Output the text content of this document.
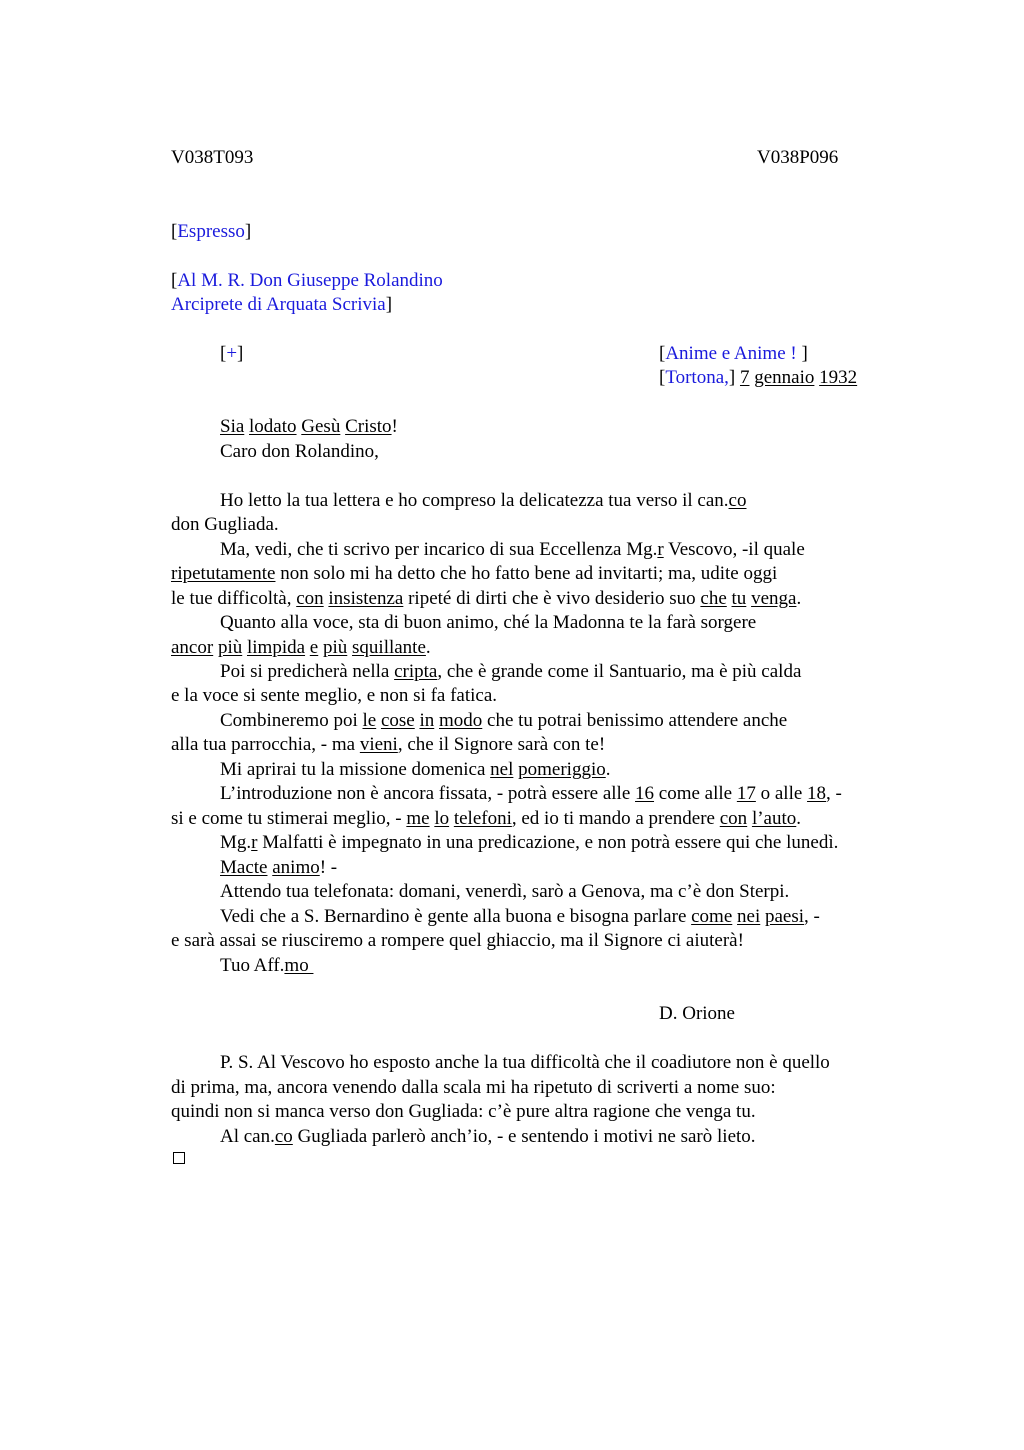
V038T093	V038P096
[Espresso]
[Al M. R. Don Giuseppe Rolandino
Arciprete di Arquata Scrivia]
[+]	[Anime e Anime ! ]
[Tortona,] 7 gennaio 1932
Sia lodato Gesù Cristo!
Caro don Rolandino,
Ho letto la tua lettera e ho compreso la delicatezza tua verso il can.co
don Gugliada.
Ma, vedi, che ti scrivo per incarico di sua Eccellenza Mg.r Vescovo, -il quale
ripetutamente non solo mi ha detto che ho fatto bene ad invitarti; ma, udite oggi
le tue difficoltà, con insistenza ripeté di dirti che è vivo desiderio suo che tu venga.
Quanto alla voce, sta di buon animo, ché la Madonna te la farà sorgere
ancor più limpida e più squillante.
Poi si predicherà nella cripta, che è grande come il Santuario, ma è più calda
e la voce si sente meglio, e non si fa fatica.
Combineremo poi le cose in modo che tu potrai benissimo attendere anche
alla tua parrocchia, - ma vieni, che il Signore sarà con te!
Mi aprirai tu la missione domenica nel pomeriggio.
L’introduzione non è ancora fissata, - potrà essere alle 16 come alle 17 o alle 18, -
si e come tu stimerai meglio, - me lo telefoni, ed io ti mando a prendere con l’auto.
Mg.r Malfatti è impegnato in una predicazione, e non potrà essere qui che lunedì.
Macte animo! -
Attendo tua telefonata: domani, venerdì, sarò a Genova, ma c’è don Sterpi.
Vedi che a S. Bernardino è gente alla buona e bisogna parlare come nei paesi, -
e sarà assai se riusciremo a rompere quel ghiaccio, ma il Signore ci aiuterà!
Tuo Aff.mo
D. Orione
P. S. Al Vescovo ho esposto anche la tua difficoltà che il coadiutore non è quello
di prima, ma, ancora venendo dalla scala mi ha ripetuto di scriverti a nome suo:
quindi non si manca verso don Gugliada: c’è pure altra ragione che venga tu.
Al can.co Gugliada parlerò anch’io, - e sentendo i motivi ne sarò lieto.
